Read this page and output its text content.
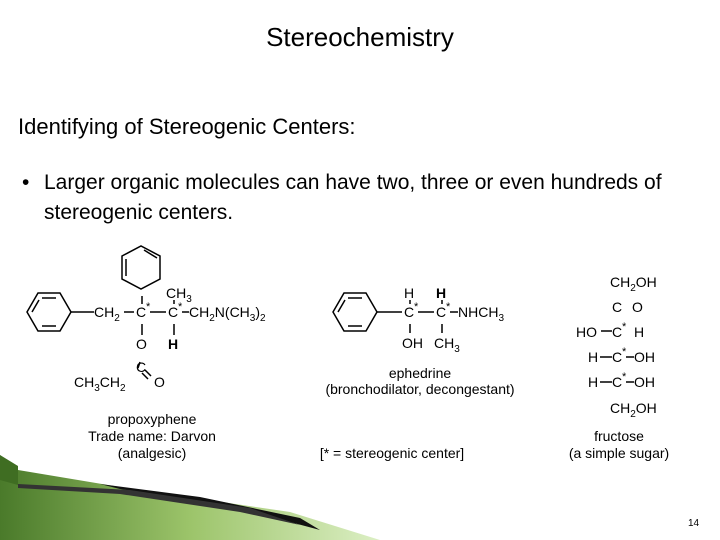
Stereochemistry
Identifying of Stereogenic Centers:
• Larger organic molecules can have two, three or even hundreds of stereogenic centers.
$CH_3$
$CH_2$ C * C * $CH_2N(CH_3)_2$
O H
C
$CH_3CH_2$ O
propoxyphene
Trade name: Darvon
(analgesic)
H H
C * C * $NHCH_3$
OH $CH_3$
ephedrine
(bronchodilator, decongestant)
[* = stereogenic center]
$CH_2OH$
C O
HO C * H
H C * OH
H C * OH
$CH_2OH$
fructose
(a simple sugar)
14
